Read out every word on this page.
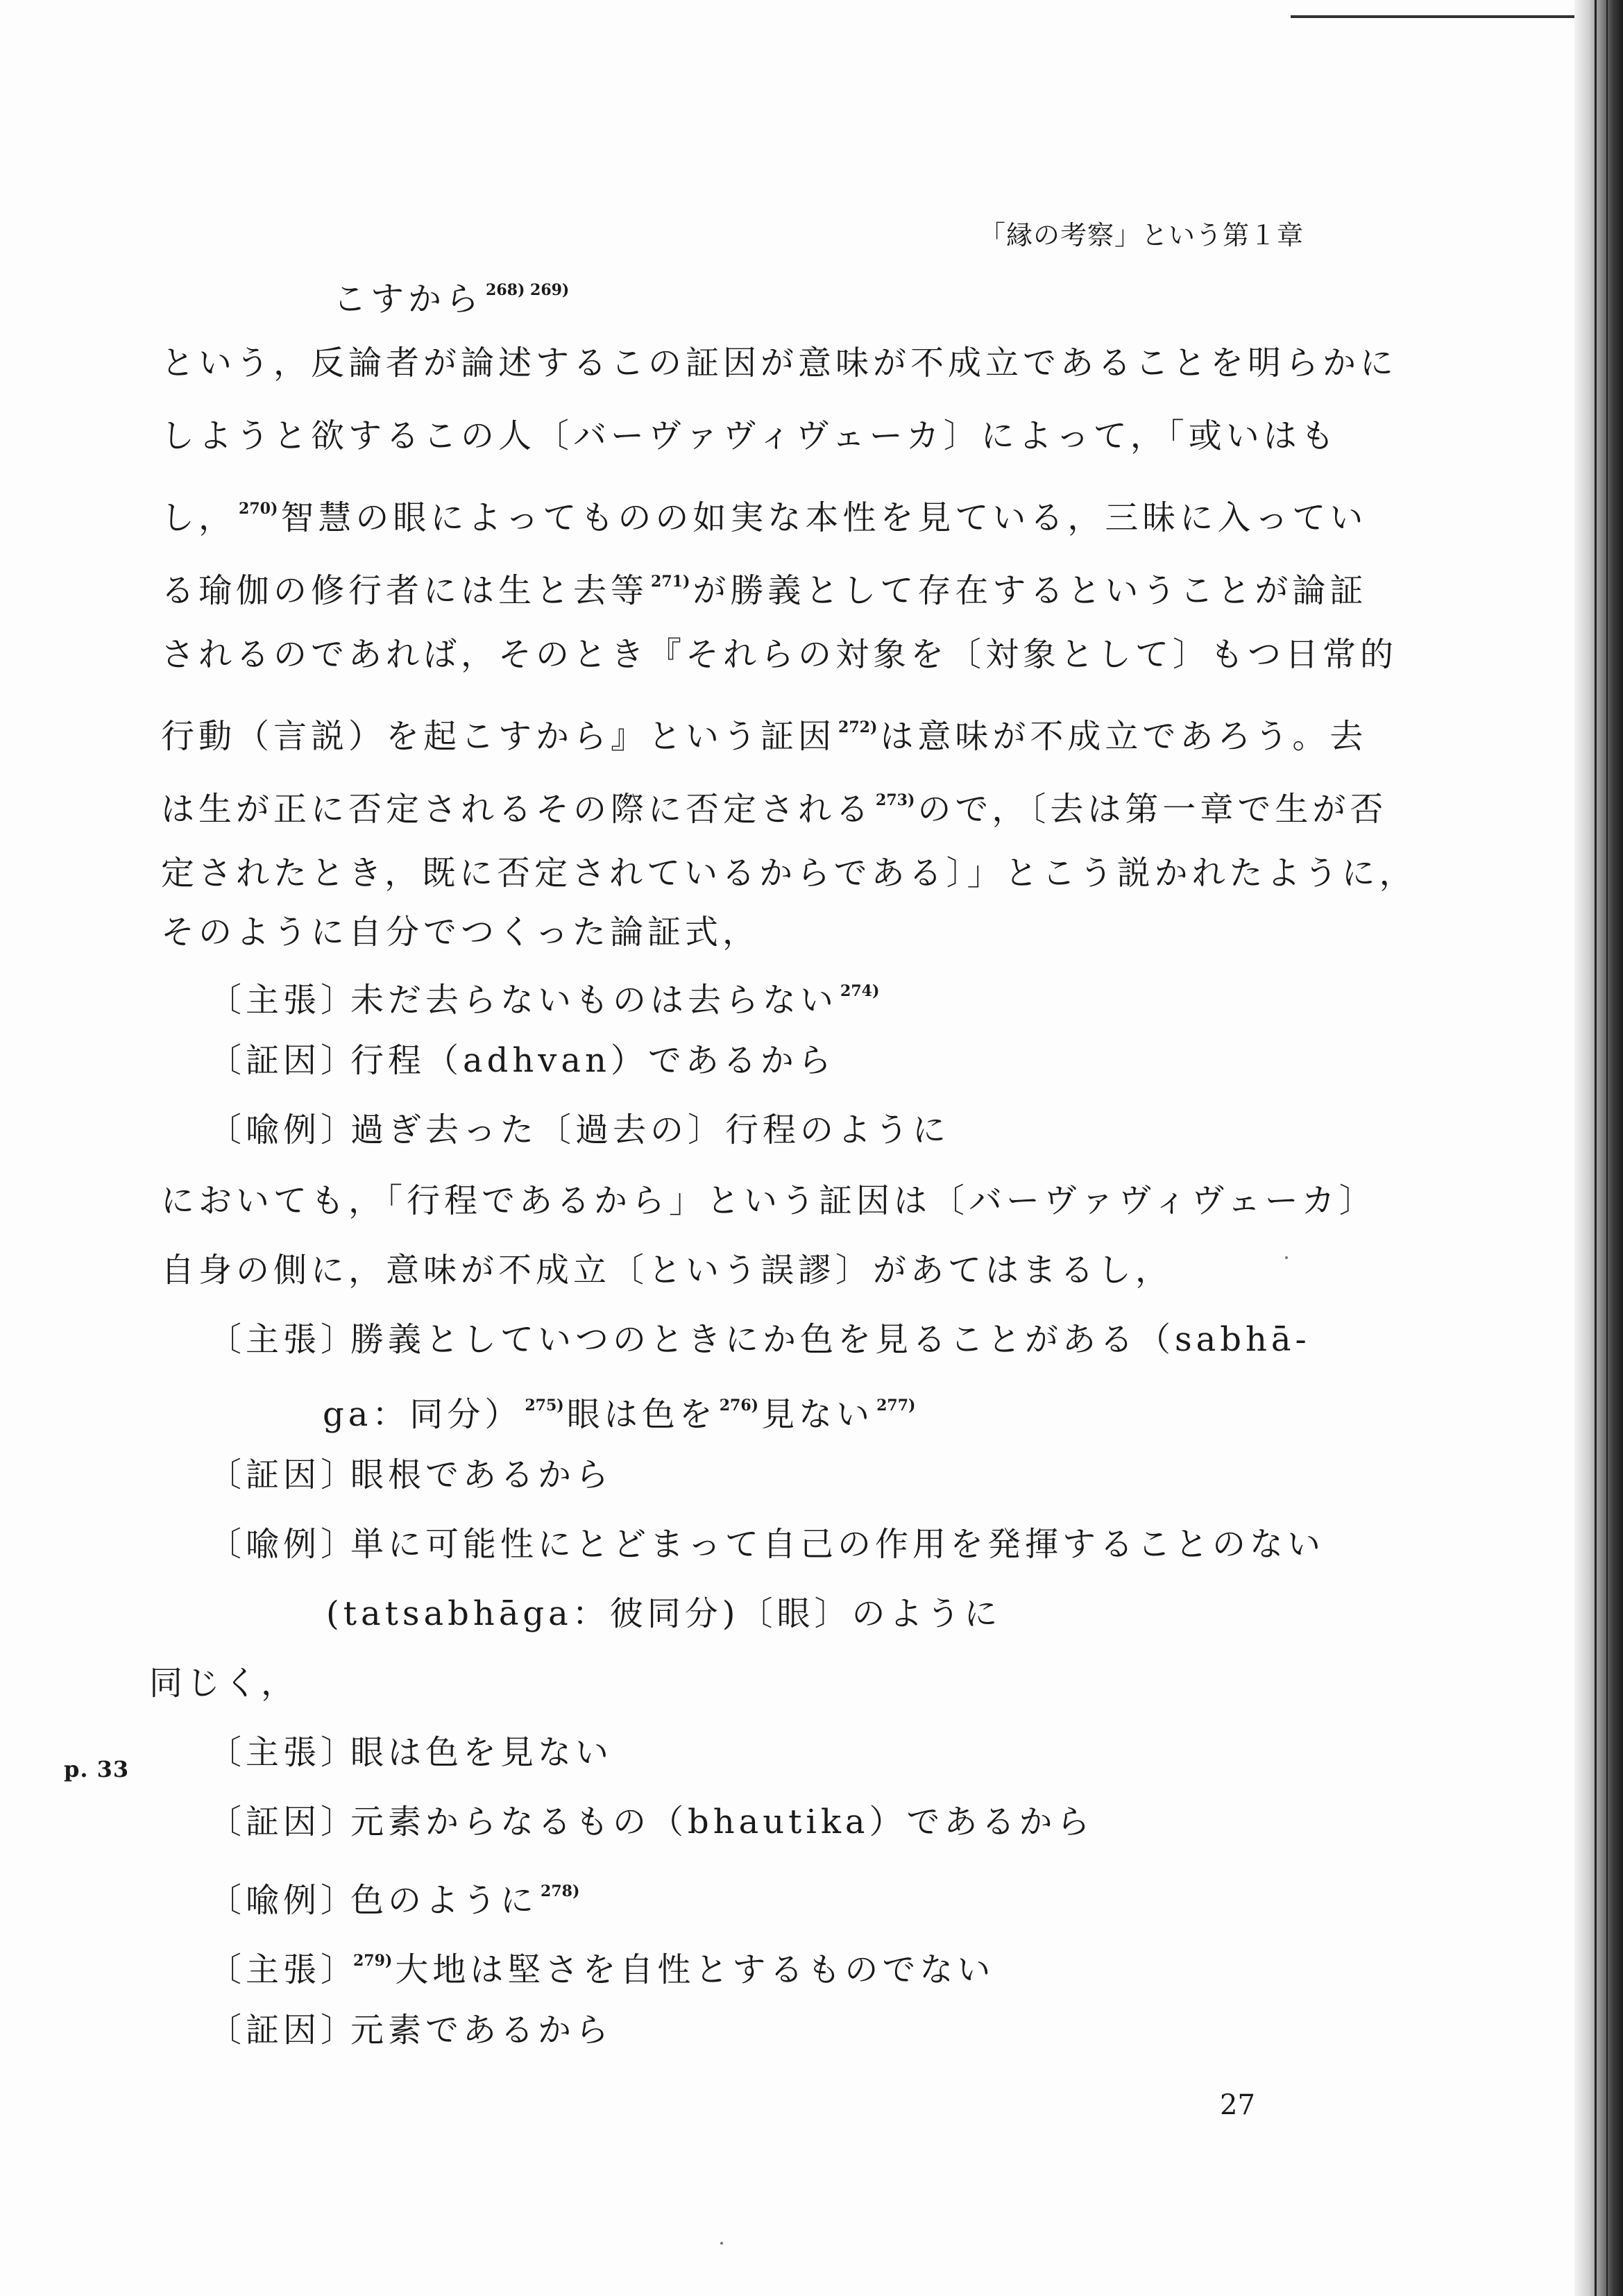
「縁の考察」という第１章
こすから $^{268) 269)}$
という，反論者が論述するこの証因が意味が不成立であることを明らかに
しようと欲するこの人〔バーヴァヴィヴェーカ〕によって，「或いはも
し， $^{270)}$智慧の眼によってものの如実な本性を見ている，三昧に入ってい
る瑜伽の修行者には生と去等 $^{271)}$が勝義として存在するということが論証
されるのであれば，そのとき『それらの対象を〔対象として〕もつ日常的
行動（言説）を起こすから』という証因 $^{272)}$は意味が不成立であろう。去
は生が正に否定されるその際に否定される $^{273)}$ので，〔去は第一章で生が否
定されたとき，既に否定されているからである〕」とこう説かれたように，
そのように自分でつくった論証式，
〔主張〕未だ去らないものは去らない $^{274)}$
〔証因〕行程（adhvan）であるから
〔喩例〕過ぎ去った〔過去の〕行程のように
においても，「行程であるから」という証因は〔バーヴァヴィヴェーカ〕
自身の側に，意味が不成立〔という誤謬〕があてはまるし，
〔主張〕勝義としていつのときにか色を見ることがある（sabhā-
ga：同分） $^{275)}$眼は色を $^{276)}$見ない $^{277)}$
〔証因〕眼根であるから
〔喩例〕単に可能性にとどまって自己の作用を発揮することのない
(tatsabhāga：彼同分)〔眼〕のように
p. 33
同じく，
〔主張〕眼は色を見ない
〔証因〕元素からなるもの（bhautika）であるから
〔喩例〕色のように $^{278)}$
〔主張〕$^{279)}$大地は堅さを自性とするものでない
〔証因〕元素であるから
27
